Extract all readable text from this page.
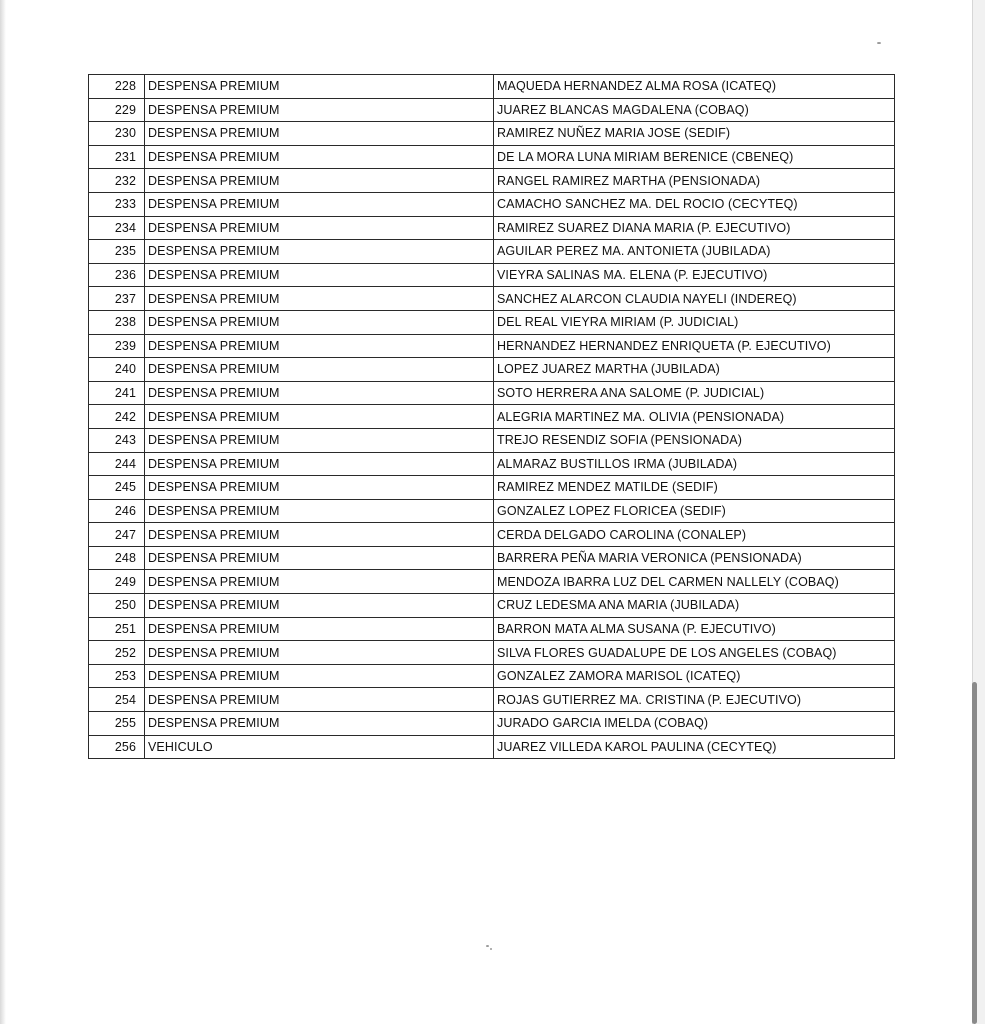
228	DESPENSA PREMIUM	MAQUEDA HERNANDEZ ALMA ROSA (ICATEQ)
229	DESPENSA PREMIUM	JUAREZ BLANCAS MAGDALENA (COBAQ)
230	DESPENSA PREMIUM	RAMIREZ NUÑEZ MARIA JOSE (SEDIF)
231	DESPENSA PREMIUM	DE LA MORA LUNA MIRIAM BERENICE (CBENEQ)
232	DESPENSA PREMIUM	RANGEL RAMIREZ MARTHA (PENSIONADA)
233	DESPENSA PREMIUM	CAMACHO SANCHEZ MA. DEL ROCIO (CECYTEQ)
234	DESPENSA PREMIUM	RAMIREZ SUAREZ DIANA MARIA (P. EJECUTIVO)
235	DESPENSA PREMIUM	AGUILAR PEREZ MA. ANTONIETA (JUBILADA)
236	DESPENSA PREMIUM	VIEYRA SALINAS MA. ELENA (P. EJECUTIVO)
237	DESPENSA PREMIUM	SANCHEZ ALARCON CLAUDIA NAYELI (INDEREQ)
238	DESPENSA PREMIUM	DEL REAL VIEYRA MIRIAM (P. JUDICIAL)
239	DESPENSA PREMIUM	HERNANDEZ HERNANDEZ ENRIQUETA (P. EJECUTIVO)
240	DESPENSA PREMIUM	LOPEZ JUAREZ MARTHA (JUBILADA)
241	DESPENSA PREMIUM	SOTO HERRERA ANA SALOME (P. JUDICIAL)
242	DESPENSA PREMIUM	ALEGRIA MARTINEZ MA. OLIVIA (PENSIONADA)
243	DESPENSA PREMIUM	TREJO RESENDIZ SOFIA (PENSIONADA)
244	DESPENSA PREMIUM	ALMARAZ BUSTILLOS IRMA (JUBILADA)
245	DESPENSA PREMIUM	RAMIREZ MENDEZ MATILDE (SEDIF)
246	DESPENSA PREMIUM	GONZALEZ LOPEZ FLORICEA (SEDIF)
247	DESPENSA PREMIUM	CERDA DELGADO CAROLINA (CONALEP)
248	DESPENSA PREMIUM	BARRERA PEÑA MARIA VERONICA (PENSIONADA)
249	DESPENSA PREMIUM	MENDOZA IBARRA LUZ DEL CARMEN NALLELY (COBAQ)
250	DESPENSA PREMIUM	CRUZ LEDESMA ANA MARIA (JUBILADA)
251	DESPENSA PREMIUM	BARRON MATA ALMA SUSANA (P. EJECUTIVO)
252	DESPENSA PREMIUM	SILVA FLORES GUADALUPE DE LOS ANGELES (COBAQ)
253	DESPENSA PREMIUM	GONZALEZ ZAMORA MARISOL (ICATEQ)
254	DESPENSA PREMIUM	ROJAS GUTIERREZ MA. CRISTINA (P. EJECUTIVO)
255	DESPENSA PREMIUM	JURADO GARCIA IMELDA (COBAQ)
256	VEHICULO	JUAREZ VILLEDA KAROL PAULINA (CECYTEQ)
